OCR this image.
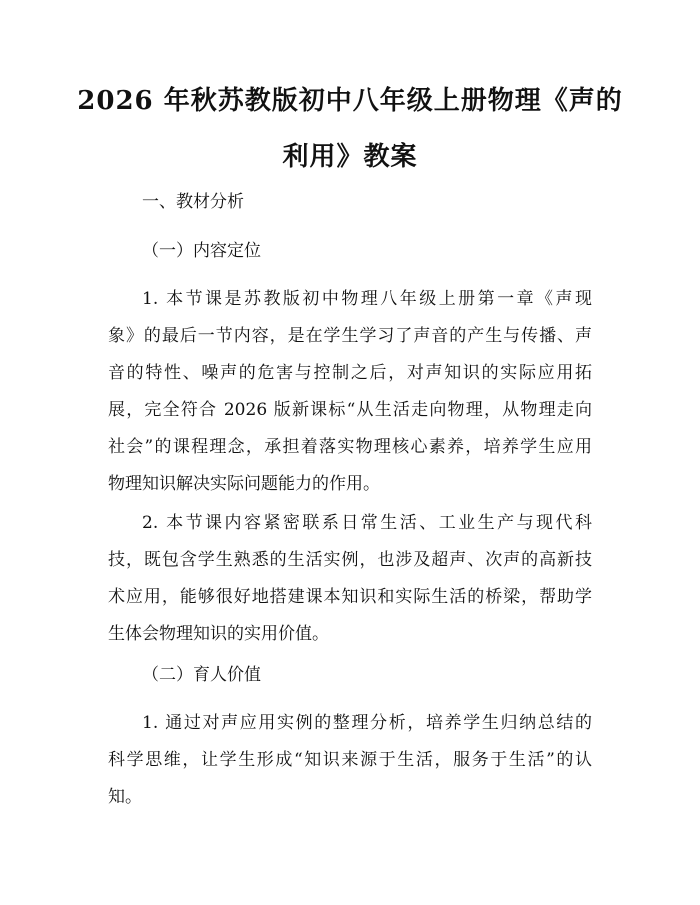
2026 年秋苏教版初中八年级上册物理《声的
利用》教案

一、教材分析

（一）内容定位

1. 本节课是苏教版初中物理八年级上册第一章《声现
象》的最后一节内容，是在学生学习了声音的产生与传播、声
音的特性、噪声的危害与控制之后，对声知识的实际应用拓
展，完全符合 2026 版新课标“从生活走向物理，从物理走向
社会”的课程理念，承担着落实物理核心素养，培养学生应用
物理知识解决实际问题能力的作用。
2. 本节课内容紧密联系日常生活、工业生产与现代科
技，既包含学生熟悉的生活实例，也涉及超声、次声的高新技
术应用，能够很好地搭建课本知识和实际生活的桥梁，帮助学
生体会物理知识的实用价值。

（二）育人价值

1. 通过对声应用实例的整理分析，培养学生归纳总结的
科学思维，让学生形成“知识来源于生活，服务于生活”的认
知。
